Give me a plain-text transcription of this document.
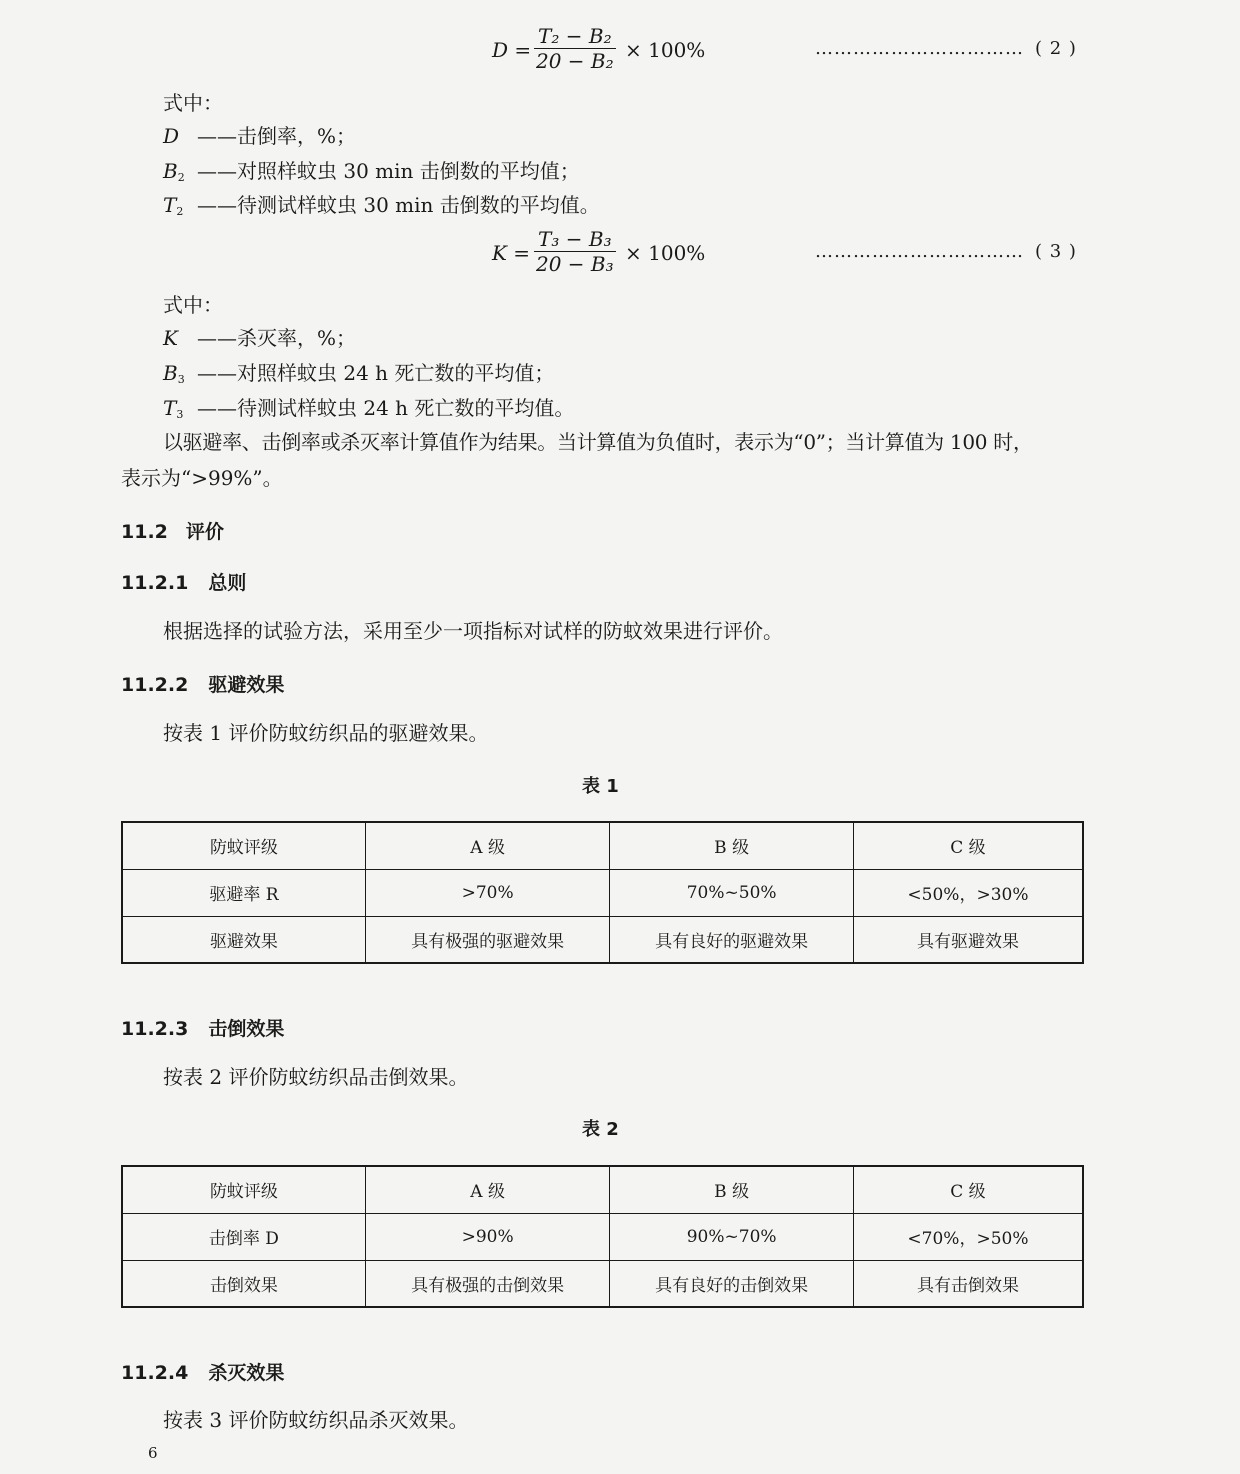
$D = \frac{\text{T₂ − B₂}}{\text{20 − B₂}} \times 100\%$	…………………………… ( 2 )
式中：
D ——击倒率，%；
$B_2$ ——对照样蚊虫 30 min 击倒数的平均值；
$T_2$ ——待测试样蚊虫 30 min 击倒数的平均值。
$K = \frac{\text{T₃ − B₃}}{\text{20 − B₃}} \times 100\%$	…………………………… ( 3 )
式中：
K ——杀灭率，%；
$B_3$ ——对照样蚊虫 24 h 死亡数的平均值；
$T_3$ ——待测试样蚊虫 24 h 死亡数的平均值。
以驱避率、击倒率或杀灭率计算值作为结果。当计算值为负值时，表示为“0”；当计算值为 100 时，
表示为“>99%”。
11.2 评价
11.2.1 总则
根据选择的试验方法，采用至少一项指标对试样的防蚊效果进行评价。
11.2.2 驱避效果
按表 1 评价防蚊纺织品的驱避效果。
表 1
防蚊评级	A 级	B 级	C 级
驱避率 R	>70%	70%~50%	<50%，>30%
驱避效果	具有极强的驱避效果	具有良好的驱避效果	具有驱避效果
11.2.3 击倒效果
按表 2 评价防蚊纺织品击倒效果。
表 2
防蚊评级	A 级	B 级	C 级
击倒率 D	>90%	90%~70%	<70%，>50%
击倒效果	具有极强的击倒效果	具有良好的击倒效果	具有击倒效果
11.2.4 杀灭效果
按表 3 评价防蚊纺织品杀灭效果。
6
